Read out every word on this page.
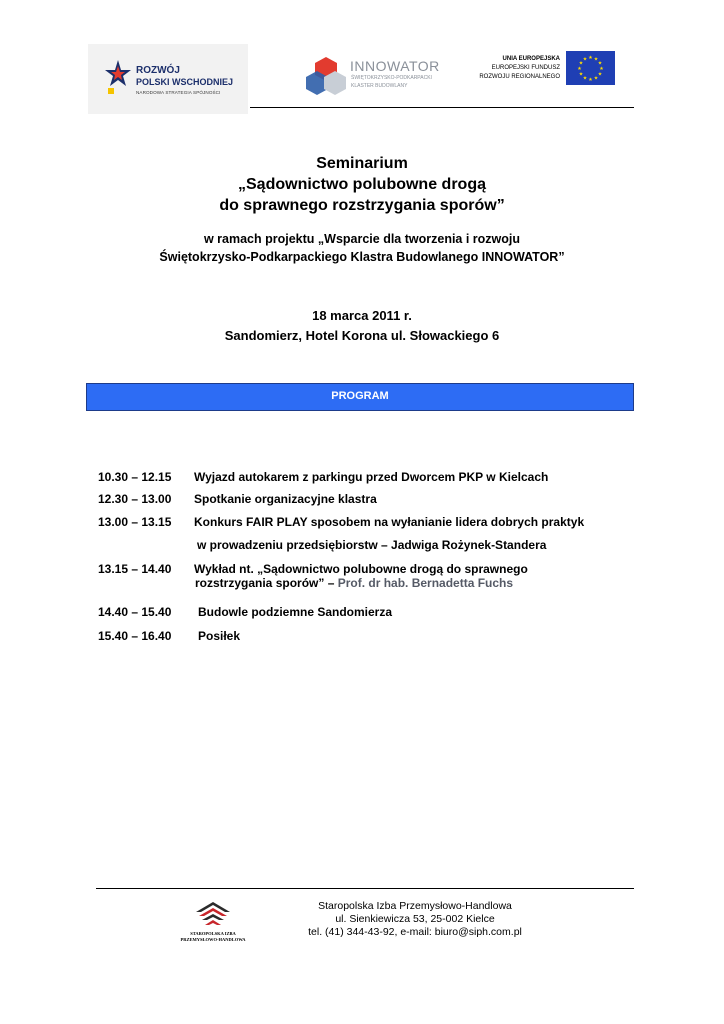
ROZWÓJ
POLSKI WSCHODNIEJ
NARODOWA STRATEGIA SPÓJNOŚCI
INNOWATOR
ŚWIĘTOKRZYSKO-PODKARPACKI
KLASTER BUDOWLANY
UNIA EUROPEJSKA
EUROPEJSKI FUNDUSZ
ROZWOJU REGIONALNEGO
★ ★
★
★
★
★
★
★
★
★
★
★
Seminarium
„Sądownictwo polubowne drogą
do sprawnego rozstrzygania sporów”
w ramach projektu „Wsparcie dla tworzenia i rozwoju
Świętokrzysko-Podkarpackiego Klastra Budowlanego INNOWATOR”
18 marca 2011 r.
Sandomierz, Hotel Korona ul. Słowackiego 6
PROGRAM
10.30 – 12.15 Wyjazd autokarem z parkingu przed Dworcem PKP w Kielcach
12.30 – 13.00 Spotkanie organizacyjne klastra
13.00 – 13.15 Konkurs FAIR PLAY sposobem na wyłanianie lidera dobrych praktyk
w prowadzeniu przedsiębiorstw – Jadwiga Rożynek-Standera
13.15 – 14.40 Wykład nt. „Sądownictwo polubowne drogą do sprawnego
rozstrzygania sporów” – Prof. dr hab. Bernadetta Fuchs
14.40 – 15.40 Budowle podziemne Sandomierza
15.40 – 16.40 Posiłek
STAROPOLSKA IZBA
PRZEMYSŁOWO-HANDLOWA
Staropolska Izba Przemysłowo-Handlowa
ul. Sienkiewicza 53, 25-002 Kielce
tel. (41) 344-43-92, e-mail: biuro@siph.com.pl
